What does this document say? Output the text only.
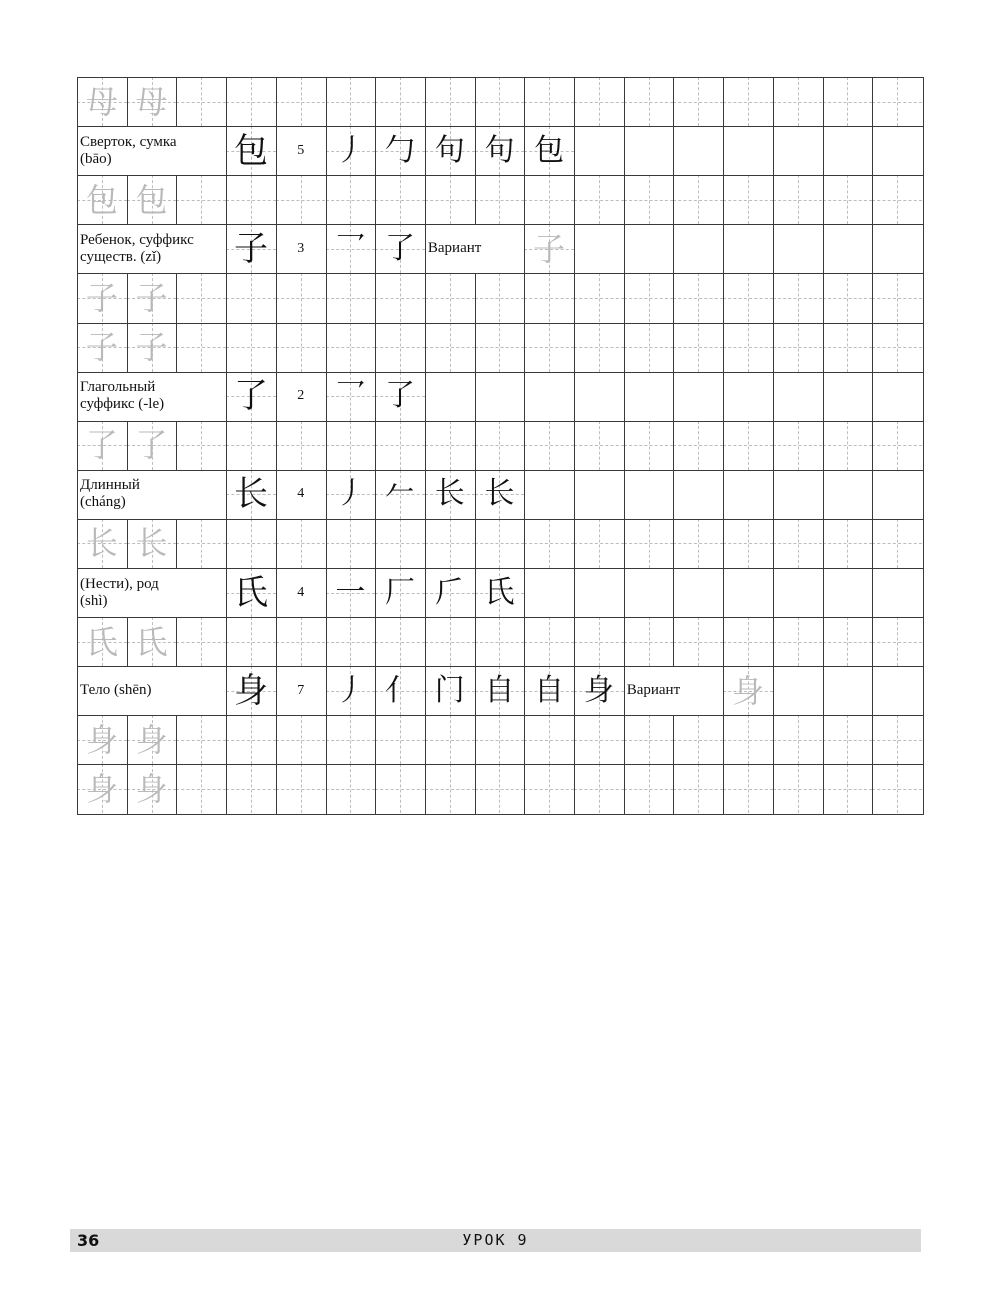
母 母
Сверток, сумка
(bāo)	包	5	丿 勹 句 句 包
包 包
Ребенок, суффикс
существ. (zǐ)	子	3	乛 了 Вариант 子
子 子
子 子
Глагольный
суффикс (-le)	了	2	乛 了
了 了
Длинный
(cháng)	长	4	丿 𠂉 长 长
长 长
(Нести), род
(shì)	氏	4	一 厂 𠂆 氏
氏 氏
Тело (shēn)	身	7	丿 亻 门 自 自 身 Вариант 身
身 身
身 身
36	УРОК 9
